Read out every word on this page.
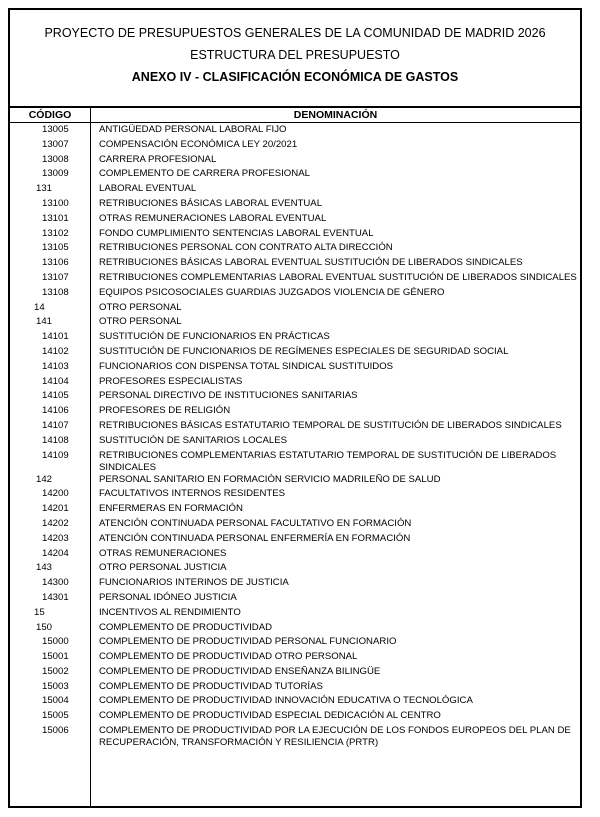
PROYECTO DE PRESUPUESTOS GENERALES DE LA COMUNIDAD DE MADRID 2026
ESTRUCTURA DEL PRESUPUESTO
ANEXO IV - CLASIFICACIÓN ECONÓMICA DE GASTOS
CÓDIGO	DENOMINACIÓN
13005	ANTIGÜEDAD PERSONAL LABORAL FIJO
13007	COMPENSACIÓN ECONÓMICA LEY 20/2021
13008	CARRERA PROFESIONAL
13009	COMPLEMENTO DE CARRERA PROFESIONAL
131	LABORAL EVENTUAL
13100	RETRIBUCIONES BÁSICAS LABORAL EVENTUAL
13101	OTRAS REMUNERACIONES LABORAL EVENTUAL
13102	FONDO CUMPLIMIENTO SENTENCIAS LABORAL EVENTUAL
13105	RETRIBUCIONES PERSONAL CON CONTRATO ALTA DIRECCIÓN
13106	RETRIBUCIONES BÁSICAS LABORAL EVENTUAL SUSTITUCIÓN DE LIBERADOS SINDICALES
13107	RETRIBUCIONES COMPLEMENTARIAS LABORAL EVENTUAL SUSTITUCIÓN DE LIBERADOS SINDICALES
13108	EQUIPOS PSICOSOCIALES GUARDIAS JUZGADOS VIOLENCIA DE GÉNERO
14	OTRO PERSONAL
141	OTRO PERSONAL
14101	SUSTITUCIÓN DE FUNCIONARIOS EN PRÁCTICAS
14102	SUSTITUCIÓN DE FUNCIONARIOS DE REGÍMENES ESPECIALES DE SEGURIDAD SOCIAL
14103	FUNCIONARIOS CON DISPENSA TOTAL SINDICAL SUSTITUIDOS
14104	PROFESORES ESPECIALISTAS
14105	PERSONAL DIRECTIVO DE INSTITUCIONES SANITARIAS
14106	PROFESORES DE RELIGIÓN
14107	RETRIBUCIONES BÁSICAS ESTATUTARIO TEMPORAL DE SUSTITUCIÓN DE LIBERADOS SINDICALES
14108	SUSTITUCIÓN DE SANITARIOS LOCALES
14109	RETRIBUCIONES COMPLEMENTARIAS ESTATUTARIO TEMPORAL DE SUSTITUCIÓN DE LIBERADOS SINDICALES
142	PERSONAL SANITARIO EN FORMACIÓN SERVICIO MADRILEÑO DE SALUD
14200	FACULTATIVOS INTERNOS RESIDENTES
14201	ENFERMERAS EN FORMACIÓN
14202	ATENCIÓN CONTINUADA PERSONAL FACULTATIVO EN FORMACIÓN
14203	ATENCIÓN CONTINUADA PERSONAL ENFERMERÍA EN FORMACIÓN
14204	OTRAS REMUNERACIONES
143	OTRO PERSONAL JUSTICIA
14300	FUNCIONARIOS INTERINOS DE JUSTICIA
14301	PERSONAL IDÓNEO JUSTICIA
15	INCENTIVOS AL RENDIMIENTO
150	COMPLEMENTO DE PRODUCTIVIDAD
15000	COMPLEMENTO DE PRODUCTIVIDAD PERSONAL FUNCIONARIO
15001	COMPLEMENTO DE PRODUCTIVIDAD OTRO PERSONAL
15002	COMPLEMENTO DE PRODUCTIVIDAD ENSEÑANZA BILINGÜE
15003	COMPLEMENTO DE PRODUCTIVIDAD TUTORÍAS
15004	COMPLEMENTO DE PRODUCTIVIDAD INNOVACIÓN EDUCATIVA O TECNOLÓGICA
15005	COMPLEMENTO DE PRODUCTIVIDAD ESPECIAL DEDICACIÓN AL CENTRO
15006	COMPLEMENTO DE PRODUCTIVIDAD POR LA EJECUCIÓN DE LOS FONDOS EUROPEOS DEL PLAN DE RECUPERACIÓN, TRANSFORMACIÓN Y RESILIENCIA (PRTR)
